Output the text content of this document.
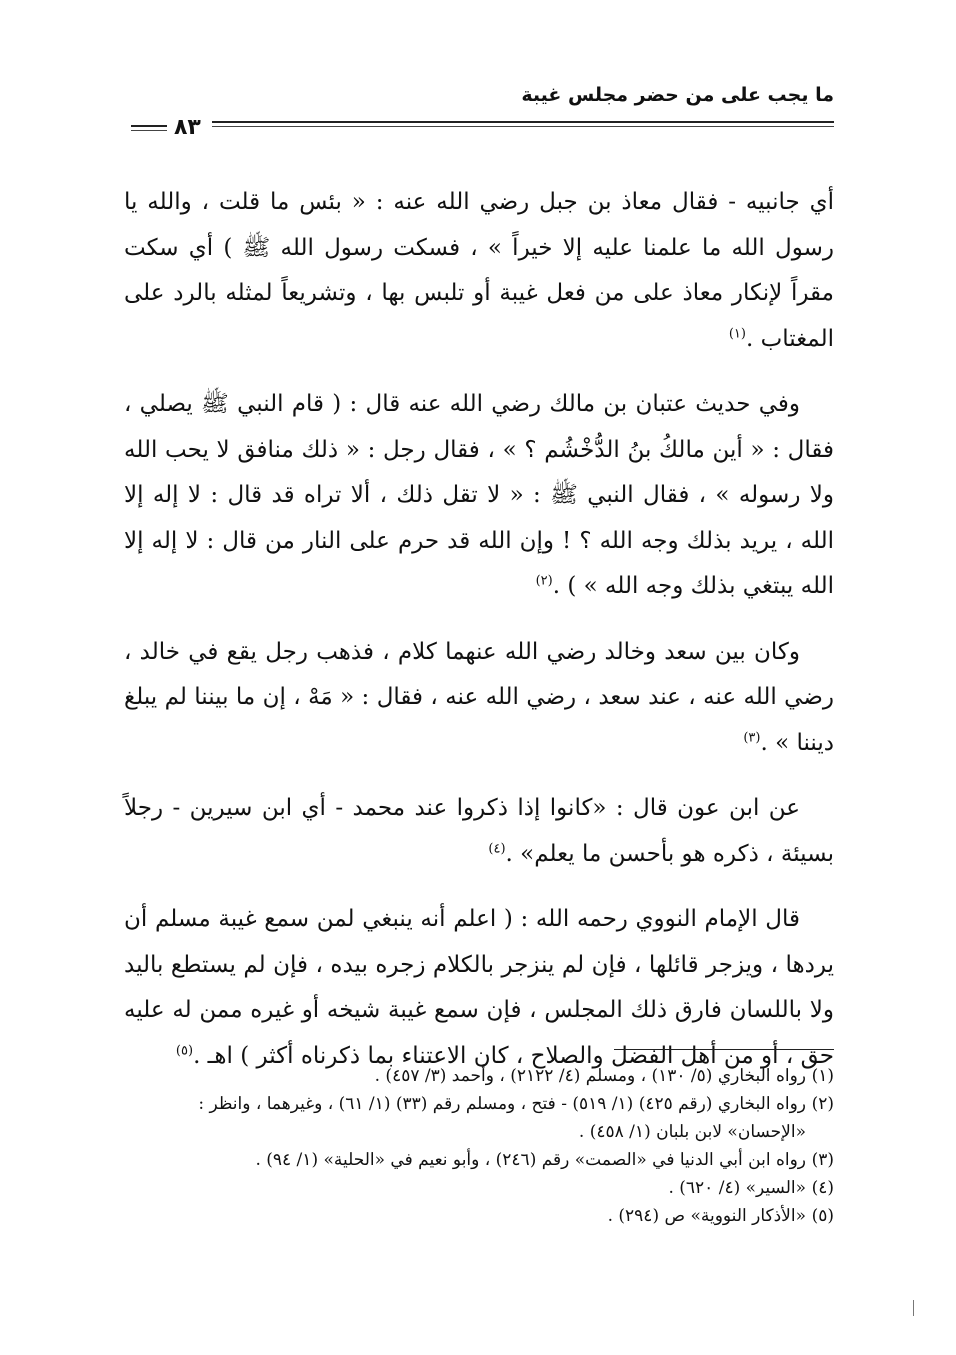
ما يجب على من حضر مجلس غيبة
٨٣

أي جانبيه - فقال معاذ بن جبل رضي الله عنه : « بئس ما قلت ، والله يا رسول الله ما علمنا عليه إلا خيراً » ، فسكت رسول الله ﷺ ) أي سكت مقراً لإنكار معاذ على من فعل غيبة أو تلبس بها ، وتشريعاً لمثله بالرد على المغتاب .$^{(١)}$

وفي حديث عتبان بن مالك رضي الله عنه قال : ( قام النبي ﷺ يصلي ، فقال : « أين مالكُ بنُ الدُّخْشُم ؟ » ، فقال رجل : « ذلك منافق لا يحب الله ولا رسوله » ، فقال النبي ﷺ : « لا تقل ذلك ، ألا تراه قد قال : لا إله إلا الله ، يريد بذلك وجه الله ؟ ! وإن الله قد حرم على النار من قال : لا إله إلا الله يبتغي بذلك وجه الله » ) .$^{(٢)}$

وكان بين سعد وخالد رضي الله عنهما كلام ، فذهب رجل يقع في خالد ، رضي الله عنه ، عند سعد ، رضي الله عنه ، فقال : « مَهْ ، إن ما بيننا لم يبلغ ديننا » .$^{(٣)}$

عن ابن عون قال : «كانوا إذا ذكروا عند محمد - أي ابن سيرين - رجلاً بسيئة ، ذكره هو بأحسن ما يعلم» .$^{(٤)}$

قال الإمام النووي رحمه الله : ( اعلم أنه ينبغي لمن سمع غيبة مسلم أن يردها ، ويزجر قائلها ، فإن لم ينزجر بالكلام زجره بيده ، فإن لم يستطع باليد ولا باللسان فارق ذلك المجلس ، فإن سمع غيبة شيخه أو غيره ممن له عليه حق ، أو من أهل الفضل والصلاح ، كان الاعتناء بما ذكرناه أكثر ) اهـ .$^{(٥)}$

(١)رواه البخاري (٥/ ١٣٠) ، ومسلم (٤/ ٢١٢٢) ، وأحمد (٣/ ٤٥٧) .

(٢)رواه البخاري (رقم ٤٢٥) (١/ ٥١٩) - فتح ، ومسلم رقم (٣٣) (١/ ٦١) ، وغيرهما ، وانظر : «الإحسان» لابن بلبان (١/ ٤٥٨) .

(٣)رواه ابن أبي الدنيا في «الصمت» رقم (٢٤٦) ، وأبو نعيم في «الحلية» (١/ ٩٤) .

(٤)«السير» (٤/ ٦٢٠) .

(٥)«الأذكار النووية» ص (٢٩٤) .
